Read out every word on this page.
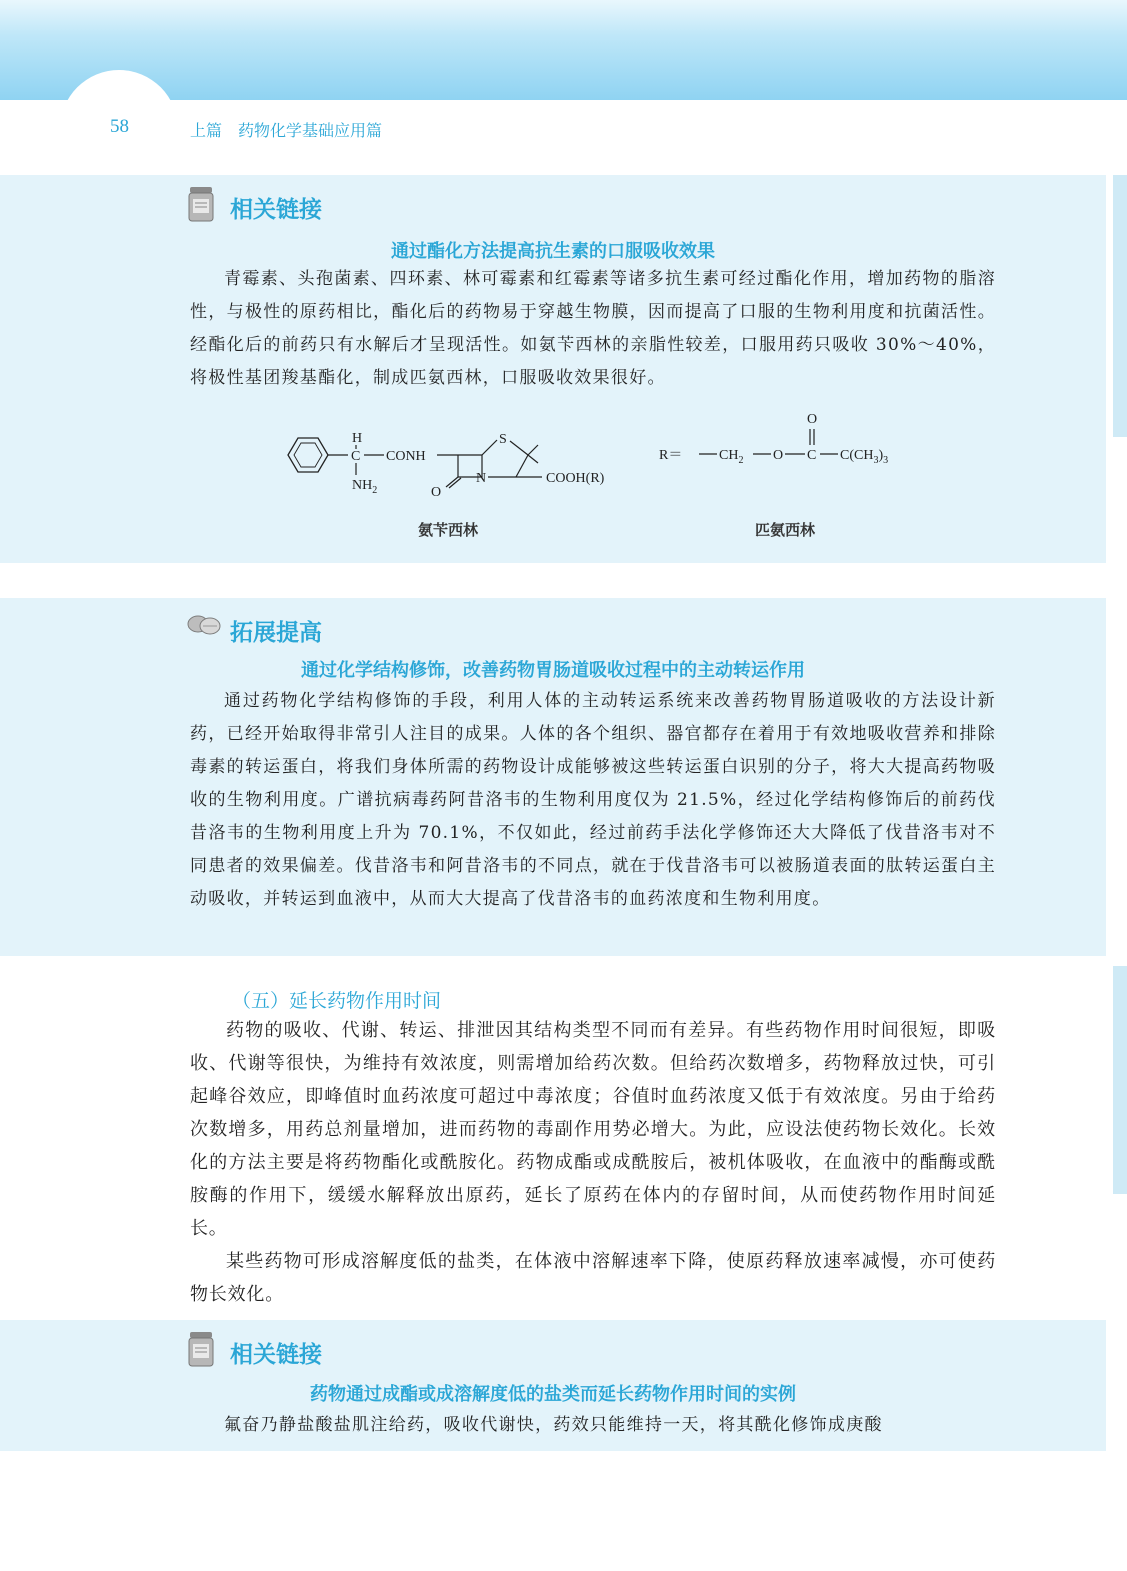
58	上篇　药物化学基础应用篇
相关链接
通过酯化方法提高抗生素的口服吸收效果

青霉素、头孢菌素、四环素、林可霉素和红霉素等诸多抗生素可经过酯化作用，增加药物的脂溶性，与极性的原药相比，酯化后的药物易于穿越生物膜，因而提高了口服的生物利用度和抗菌活性。经酯化后的前药只有水解后才呈现活性。如氨苄西林的亲脂性较差，口服用药只吸收 30%～40%，将极性基团羧基酯化，制成匹氨西林，口服吸收效果很好。

H
C CONH
$NH_2$	O
N
S
COOH(R)
氨苄西林
R＝	$CH_2$ O C
O
$C(CH_3)_3$
匹氨西林
拓展提高
通过化学结构修饰，改善药物胃肠道吸收过程中的主动转运作用

通过药物化学结构修饰的手段，利用人体的主动转运系统来改善药物胃肠道吸收的方法设计新药，已经开始取得非常引人注目的成果。人体的各个组织、器官都存在着用于有效地吸收营养和排除毒素的转运蛋白，将我们身体所需的药物设计成能够被这些转运蛋白识别的分子，将大大提高药物吸收的生物利用度。广谱抗病毒药阿昔洛韦的生物利用度仅为 21.5%，经过化学结构修饰后的前药伐昔洛韦的生物利用度上升为 70.1%，不仅如此，经过前药手法化学修饰还大大降低了伐昔洛韦对不同患者的效果偏差。伐昔洛韦和阿昔洛韦的不同点，就在于伐昔洛韦可以被肠道表面的肽转运蛋白主动吸收，并转运到血液中，从而大大提高了伐昔洛韦的血药浓度和生物利用度。

（五）延长药物作用时间

药物的吸收、代谢、转运、排泄因其结构类型不同而有差异。有些药物作用时间很短，即吸收、代谢等很快，为维持有效浓度，则需增加给药次数。但给药次数增多，药物释放过快，可引起峰谷效应，即峰值时血药浓度可超过中毒浓度；谷值时血药浓度又低于有效浓度。另由于给药次数增多，用药总剂量增加，进而药物的毒副作用势必增大。为此，应设法使药物长效化。长效化的方法主要是将药物酯化或酰胺化。药物成酯或成酰胺后，被机体吸收，在血液中的酯酶或酰胺酶的作用下，缓缓水解释放出原药，延长了原药在体内的存留时间，从而使药物作用时间延长。

某些药物可形成溶解度低的盐类，在体液中溶解速率下降，使原药释放速率减慢，亦可使药物长效化。

相关链接
药物通过成酯或成溶解度低的盐类而延长药物作用时间的实例

氟奋乃静盐酸盐肌注给药，吸收代谢快，药效只能维持一天，将其酰化修饰成庚酸
